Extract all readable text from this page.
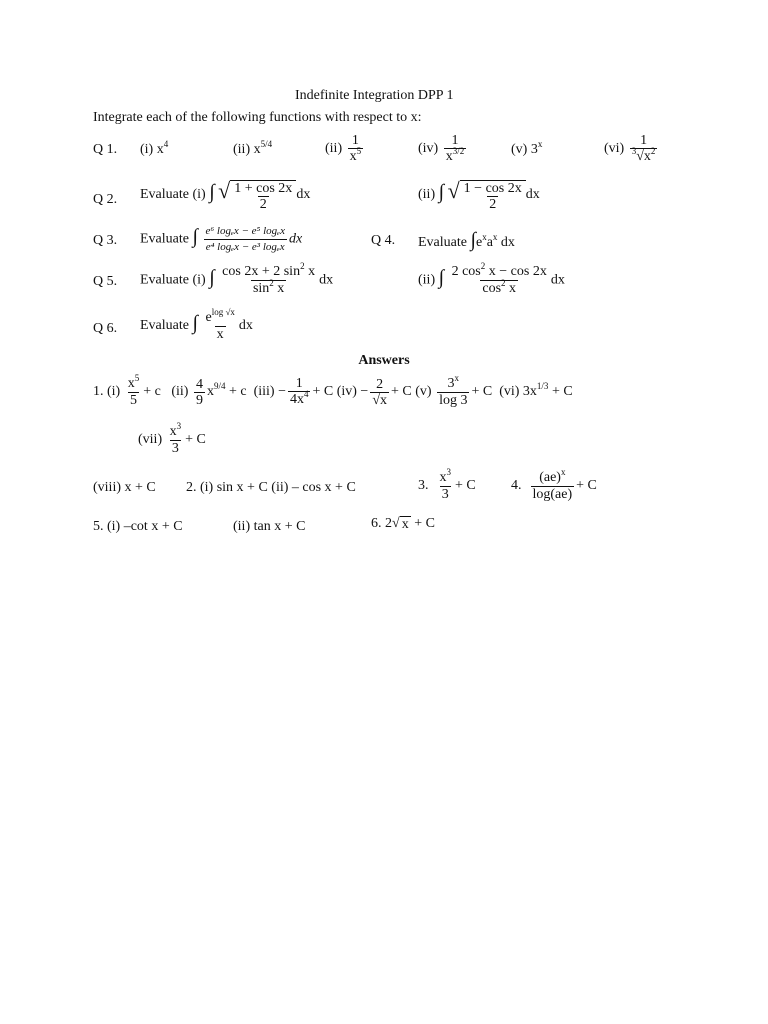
Indefinite Integration DPP 1
Integrate each of the following functions with respect to x:
Q 1. (i) $x^4$	(ii) $x^{5/4}$	$(ii) \frac{1}{x^5}$	$(iv) \frac{1}{x^{3/2}}$	(v) 3$^x$	$(vi) \frac{1}{^3√x^2}$
Q 2. Evaluate (i) ∫ √ $\frac{1 + \cos 2x}{2}$ dx	(ii) ∫ √ $\frac{1 - \cos 2x}{2}$ dx
Q 3. Evaluate ∫ $\frac{\text{e⁶ logₑx − e⁵ logₑx}}{\text{e⁴ logₑx − e³ logₑx}}$ dx	Q 4. Evaluate $\int e^xa^x$ dx
Q 5. Evaluate (i) ∫ $\frac{\cos 2x + 2 \sin^2 x}{\sin^2 x}$ dx	(ii) ∫ $\frac{2 \cos^2 x - \cos 2x}{\cos^2 x}$ dx
Q 6. Evaluate ∫ $\frac{e^{log √x}}{x}$ dx
Answers
1. $(i) \frac{x^5}{5} + c$ $(ii) \frac{4}{9} x^{9/4} + c$ $(iii) - \frac{1}{4x^4} + C$ $(iv) - \frac{2}{√x} + C$ $(v) \frac{3^x}{\log 3} + C$ (vi) $3x^{1/3} + C$
$(vii) \frac{x^3}{3} + C$
(viii) x + C 2. (i) sin x + C (ii) – cos x + C	3. $\frac{x^3}{3} + C$	4. $\frac{(ae)^x}{\log(ae)} + C$
5. (i) –cot x + C	(ii) tan x + C	6. 2 √ x + C
